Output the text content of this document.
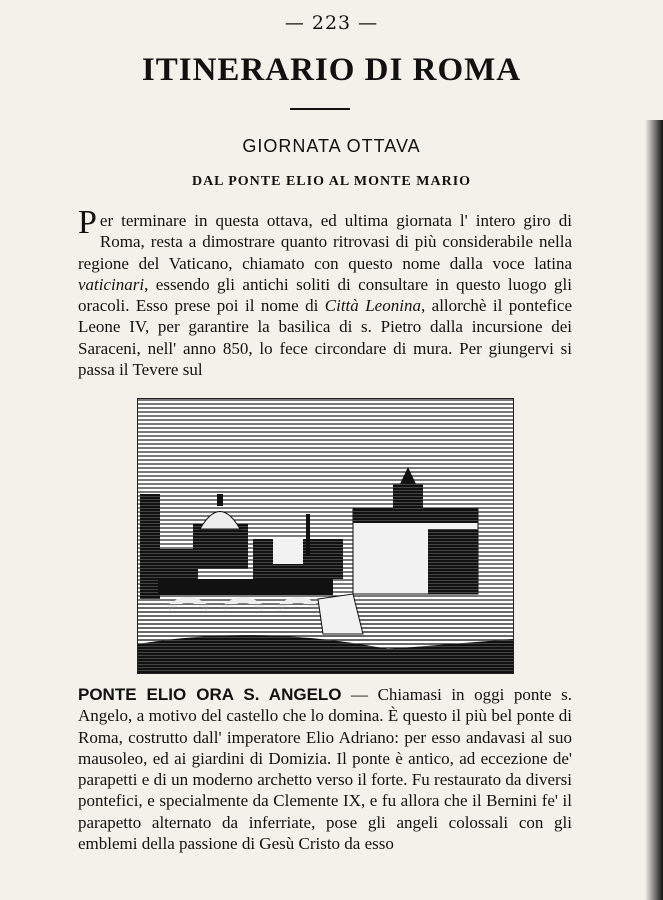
— 223 —
ITINERARIO DI ROMA
GIORNATA OTTAVA
DAL PONTE ELIO AL MONTE MARIO

Per terminare in questa ottava, ed ultima giornata l' intero giro di Roma, resta a dimostrare quanto ritrovasi di più considerabile nella regione del Vaticano, chiamato con questo nome dalla voce latina vaticinari, essendo gli antichi soliti di consultare in questo luogo gli oracoli. Esso prese poi il nome di Città Leonina, allorchè il pontefice Leone IV, per garantire la basilica di s. Pietro dalla incursione dei Saraceni, nell' anno 850, lo fece circondare di mura. Per giungervi si passa il Tevere sul

PONTE ELIO ORA S. ANGELO — Chiamasi in oggi ponte s. Angelo, a motivo del castello che lo domina. È questo il più bel ponte di Roma, costrutto dall' imperatore Elio Adriano: per esso andavasi al suo mausoleo, ed ai giardini di Domizia. Il ponte è antico, ad eccezione de' parapetti e di un moderno archetto verso il forte. Fu restaurato da diversi pontefici, e specialmente da Clemente IX, e fu allora che il Bernini fe' il parapetto alternato da inferriate, pose gli angeli colossali con gli emblemi della passione di Gesù Cristo da esso
